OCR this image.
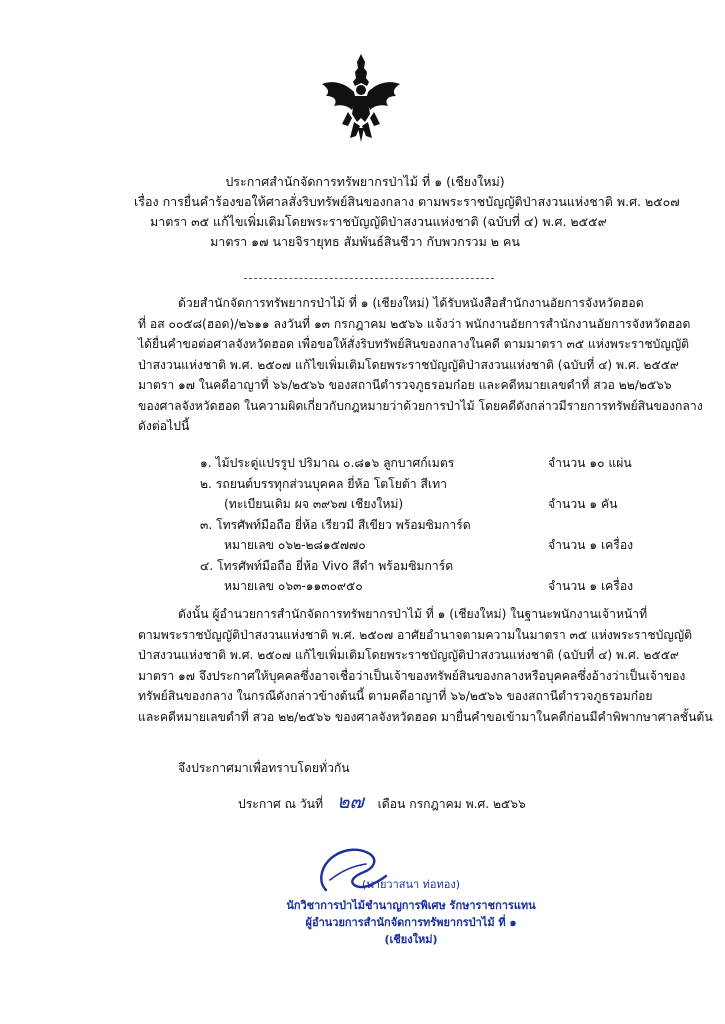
ประกาศสำนักจัดการทรัพยากรป่าไม้ ที่ ๑ (เชียงใหม่)
เรื่อง การยื่นคำร้องขอให้ศาลสั่งริบทรัพย์สินของกลาง ตามพระราชบัญญัติป่าสงวนแห่งชาติ พ.ศ. ๒๕๐๗
มาตรา ๓๕ แก้ไขเพิ่มเติมโดยพระราชบัญญัติป่าสงวนแห่งชาติ (ฉบับที่ ๔) พ.ศ. ๒๕๕๙
มาตรา ๑๗ นายจิรายุทธ สัมพันธ์สินชีวา กับพวกรวม ๒ คน
ด้วยสำนักจัดการทรัพยากรป่าไม้ ที่ ๑ (เชียงใหม่) ได้รับหนังสือสำนักงานอัยการจังหวัดฮอด
ที่ อส ๐๐๕๘(ฮอด)/๒๖๑๑ ลงวันที่ ๑๓ กรกฎาคม ๒๕๖๖ แจ้งว่า พนักงานอัยการสำนักงานอัยการจังหวัดฮอด
ได้ยื่นคำขอต่อศาลจังหวัดฮอด เพื่อขอให้สั่งริบทรัพย์สินของกลางในคดี ตามมาตรา ๓๕ แห่งพระราชบัญญัติ
ป่าสงวนแห่งชาติ พ.ศ. ๒๕๐๗ แก้ไขเพิ่มเติมโดยพระราชบัญญัติป่าสงวนแห่งชาติ (ฉบับที่ ๔) พ.ศ. ๒๕๕๙
มาตรา ๑๗ ในคดีอาญาที่ ๖๖/๒๕๖๖ ของสถานีตำรวจภูธรอมก๋อย และคดีหมายเลขดำที่ สวอ ๒๒/๒๕๖๖
ของศาลจังหวัดฮอด ในความผิดเกี่ยวกับกฎหมายว่าด้วยการป่าไม้ โดยคดีดังกล่าวมีรายการทรัพย์สินของกลาง
ดังต่อไปนี้
๑. ไม้ประดู่แปรรูป ปริมาณ ๐.๘๑๖ ลูกบาศก์เมตร	จำนวน ๑๐ แผ่น
๒. รถยนต์บรรทุกส่วนบุคคล ยี่ห้อ โตโยต้า สีเทา
(ทะเบียนเดิม ผจ ๓๙๖๗ เชียงใหม่)	จำนวน ๑ คัน
๓. โทรศัพท์มือถือ ยี่ห้อ เรียวมี สีเขียว พร้อมซิมการ์ด
หมายเลข ๐๖๒-๒๘๑๕๗๗๐	จำนวน ๑ เครื่อง
๔. โทรศัพท์มือถือ ยี่ห้อ Vivo สีดำ พร้อมซิมการ์ด
หมายเลข ๐๖๓-๑๑๓๐๙๕๐	จำนวน ๑ เครื่อง
ดังนั้น ผู้อำนวยการสำนักจัดการทรัพยากรป่าไม้ ที่ ๑ (เชียงใหม่) ในฐานะพนักงานเจ้าหน้าที่
ตามพระราชบัญญัติป่าสงวนแห่งชาติ พ.ศ. ๒๕๐๗ อาศัยอำนาจตามความในมาตรา ๓๕ แห่งพระราชบัญญัติ
ป่าสงวนแห่งชาติ พ.ศ. ๒๕๐๗ แก้ไขเพิ่มเติมโดยพระราชบัญญัติป่าสงวนแห่งชาติ (ฉบับที่ ๔) พ.ศ. ๒๕๕๙
มาตรา ๑๗ จึงประกาศให้บุคคลซึ่งอาจเชื่อว่าเป็นเจ้าของทรัพย์สินของกลางหรือบุคคลซึ่งอ้างว่าเป็นเจ้าของ
ทรัพย์สินของกลาง ในกรณีดังกล่าวข้างต้นนี้ ตามคดีอาญาที่ ๖๖/๒๕๖๖ ของสถานีตำรวจภูธรอมก๋อย
และคดีหมายเลขดำที่ สวอ ๒๒/๒๕๖๖ ของศาลจังหวัดฮอด มายื่นคำขอเข้ามาในคดีก่อนมีคำพิพากษาศาลชั้นต้น
จึงประกาศมาเพื่อทราบโดยทั่วกัน
ประกาศ ณ วันที่ ๒๗ เดือน กรกฎาคม พ.ศ. ๒๕๖๖
(นายวาสนา ท่อทอง)
นักวิชาการป่าไม้ชำนาญการพิเศษ รักษาราชการแทน
ผู้อำนวยการสำนักจัดการทรัพยากรป่าไม้ ที่ ๑ (เชียงใหม่)
